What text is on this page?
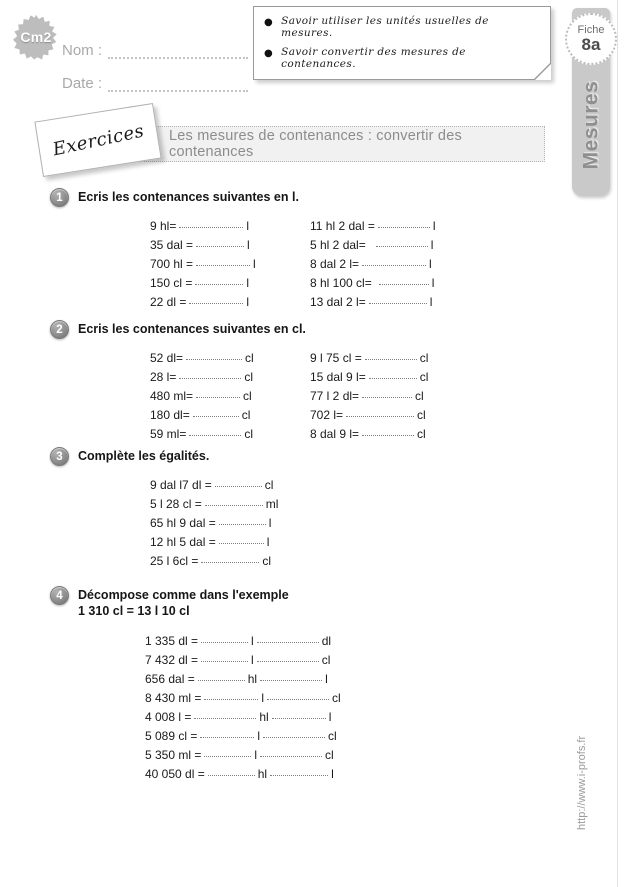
Cm2
Nom :
Date :
● Savoir utiliser les unités usuelles de mesures.
● Savoir convertir des mesures de contenances.
Mesures
Fiche
8a
http://www.i-profs.fr
Les mesures de contenances : convertir des contenances
Exercices
1	Ecris les contenances suivantes en l.
9 hl=	l
35 dal =	l
700 hl =	l
150 cl =	l
22 dl =	l
11 hl 2 dal =	l
5 hl 2 dal=	l
8 dal 2 l=	l
8 hl 100 cl=	l
13 dal 2 l=	l
2	Ecris les contenances suivantes en cl.
52 dl=	cl
28 l=	cl
480 ml=	cl
180 dl=	cl
59 ml=	cl
9 l 75 cl =	cl
15 dal 9 l=	cl
77 l 2 dl=	cl
702 l=	cl
8 dal 9 l=	cl
3	Complète les égalités.
9 dal l7 dl =	cl
5 l 28 cl =	ml
65 hl 9 dal =	l
12 hl 5 dal =	l
25 l 6cl =	cl
4	Décompose comme dans l'exemple
1 310 cl = 13 l 10 cl
1 335 dl =	l	dl
7 432 dl =	l	cl
656 dal =	hl	l
8 430 ml =	l	cl
4 008 l =	hl	l
5 089 cl =	l	cl
5 350 ml =	l	cl
40 050 dl =	hl	l
